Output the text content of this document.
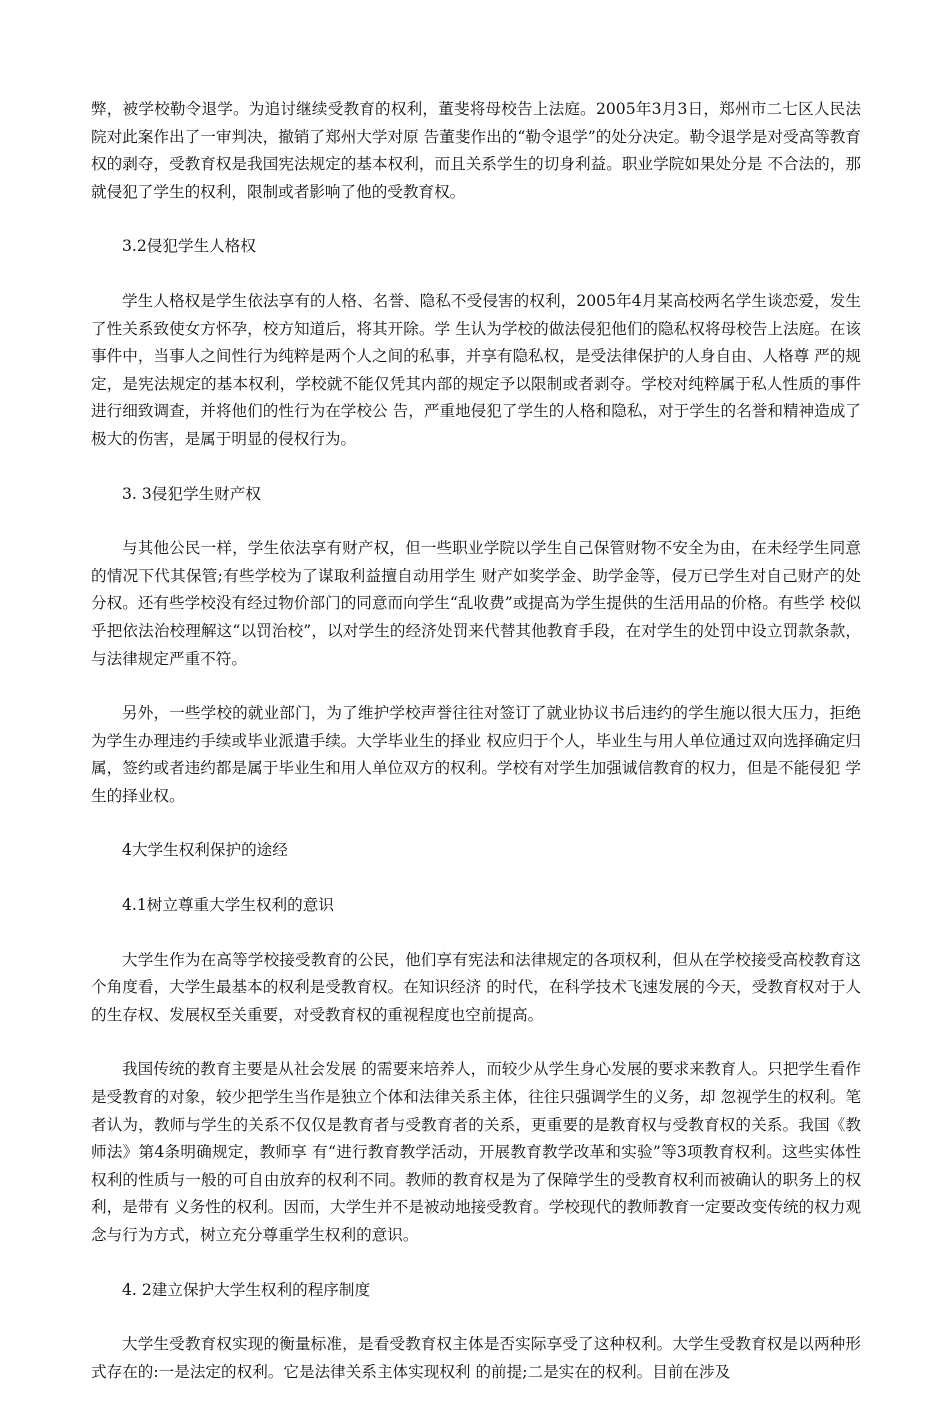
弊，被学校勒令退学。为追讨继续受教育的权利，董斐将母校告上法庭。2005年3月3日，郑州市二七区人民法院对此案作出了一审判决，撤销了郑州大学对原 告董斐作出的“勒令退学”的处分决定。勒令退学是对受高等教育权的剥夺，受教育权是我国宪法规定的基本权利，而且关系学生的切身利益。职业学院如果处分是 不合法的，那就侵犯了学生的权利，限制或者影响了他的受教育权。

3.2侵犯学生人格权

学生人格权是学生依法享有的人格、名誉、隐私不受侵害的权利，2005年4月某高校两名学生谈恋爱，发生了性关系致使女方怀孕，校方知道后，将其开除。学 生认为学校的做法侵犯他们的隐私权将母校告上法庭。在该事件中，当事人之间性行为纯粹是两个人之间的私事，并享有隐私权，是受法律保护的人身自由、人格尊 严的规定，是宪法规定的基本权利，学校就不能仅凭其内部的规定予以限制或者剥夺。学校对纯粹属于私人性质的事件进行细致调查，并将他们的性行为在学校公 告，严重地侵犯了学生的人格和隐私，对于学生的名誉和精神造成了极大的伤害，是属于明显的侵权行为。

3. 3侵犯学生财产权

与其他公民一样，学生依法享有财产权，但一些职业学院以学生自己保管财物不安全为由，在未经学生同意的情况下代其保管;有些学校为了谋取利益擅自动用学生 财产如奖学金、助学金等，侵万已学生对自己财产的处分权。还有些学校没有经过物价部门的同意而向学生“乱收费”或提高为学生提供的生活用品的价格。有些学 校似乎把依法治校理解这“以罚治校”，以对学生的经济处罚来代替其他教育手段，在对学生的处罚中设立罚款条款，与法律规定严重不符。

另外，一些学校的就业部门，为了维护学校声誉往往对签订了就业协议书后违约的学生施以很大压力，拒绝为学生办理违约手续或毕业派遣手续。大学毕业生的择业 权应归于个人，毕业生与用人单位通过双向选择确定归属，签约或者违约都是属于毕业生和用人单位双方的权利。学校有对学生加强诚信教育的权力，但是不能侵犯 学生的择业权。

4大学生权利保护的途经

4.1树立尊重大学生权利的意识

大学生作为在高等学校接受教育的公民，他们享有宪法和法律规定的各项权利，但从在学校接受高校教育这个角度看，大学生最基本的权利是受教育权。在知识经济 的时代，在科学技术飞速发展的今天，受教育权对于人的生存权、发展权至关重要，对受教育权的重视程度也空前提高。

我国传统的教育主要是从社会发展 的需要来培养人，而较少从学生身心发展的要求来教育人。只把学生看作是受教育的对象，较少把学生当作是独立个体和法律关系主体，往往只强调学生的义务，却 忽视学生的权利。笔者认为，教师与学生的关系不仅仅是教育者与受教育者的关系，更重要的是教育权与受教育权的关系。我国《教师法》第4条明确规定，教师享 有“进行教育教学活动，开展教育教学改革和实验”等3项教育权利。这些实体性权利的性质与一般的可自由放弃的权利不同。教师的教育权是为了保障学生的受教育权利而被确认的职务上的权利，是带有 义务性的权利。因而，大学生并不是被动地接受教育。学校现代的教师教育一定要改变传统的权力观念与行为方式，树立充分尊重学生权利的意识。

4. 2建立保护大学生权利的程序制度

大学生受教育权实现的衡量标准，是看受教育权主体是否实际享受了这种权利。大学生受教育权是以两种形式存在的:一是法定的权利。它是法律关系主体实现权利 的前提;二是实在的权利。目前在涉及
